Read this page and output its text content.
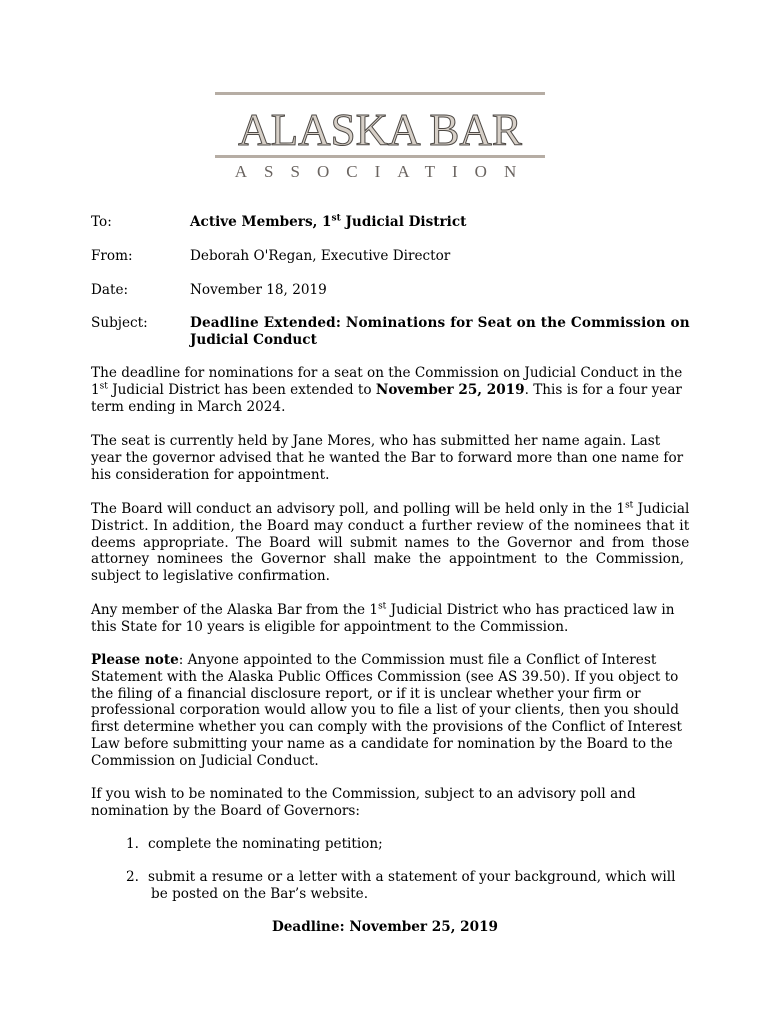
ALASKA BAR
ASSOCIATION
To:	Active Members, 1st Judicial District
From:	Deborah O'Regan, Executive Director
Date:	November 18, 2019
Subject:	Deadline Extended: Nominations for Seat on the Commission on
Judicial Conduct
The deadline for nominations for a seat on the Commission on Judicial Conduct in the
1st Judicial District has been extended to November 25, 2019. This is for a four year
term ending in March 2024.
The seat is currently held by Jane Mores, who has submitted her name again. Last
year the governor advised that he wanted the Bar to forward more than one name for
his consideration for appointment.
The Board will conduct an advisory poll, and polling will be held only in the 1st Judicial
District. In addition, the Board may conduct a further review of the nominees that it
deems appropriate. The Board will submit names to the Governor and from those
attorney nominees the Governor shall make the appointment to the Commission,
subject to legislative confirmation.
Any member of the Alaska Bar from the 1st Judicial District who has practiced law in
this State for 10 years is eligible for appointment to the Commission.
Please note: Anyone appointed to the Commission must file a Conflict of Interest
Statement with the Alaska Public Offices Commission (see AS 39.50). If you object to
the filing of a financial disclosure report, or if it is unclear whether your firm or
professional corporation would allow you to file a list of your clients, then you should
first determine whether you can comply with the provisions of the Conflict of Interest
Law before submitting your name as a candidate for nomination by the Board to the
Commission on Judicial Conduct.
If you wish to be nominated to the Commission, subject to an advisory poll and
nomination by the Board of Governors:
1. complete the nominating petition;
2. submit a resume or a letter with a statement of your background, which will
be posted on the Bar’s website.
Deadline: November 25, 2019
